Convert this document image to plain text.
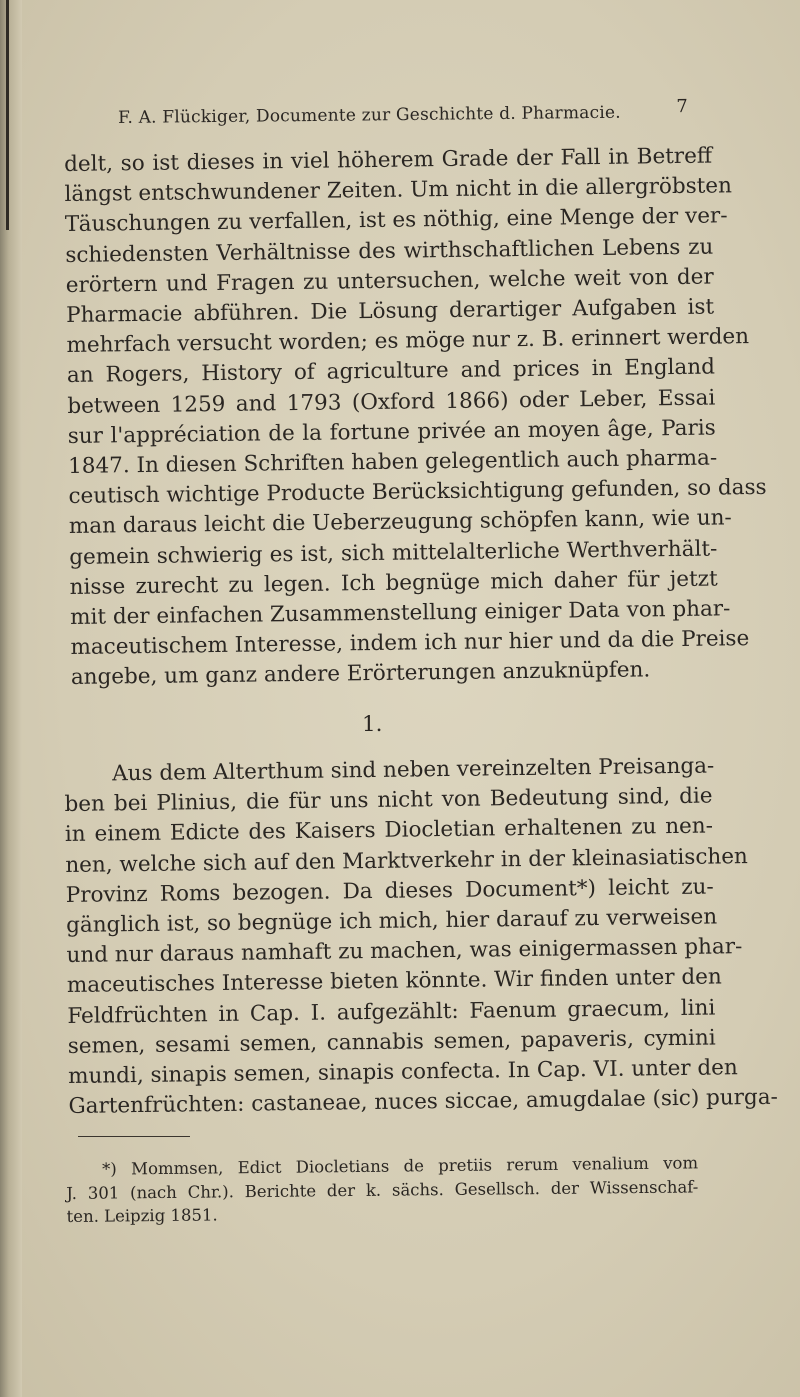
F. A. Flückiger, Documente zur Geschichte d. Pharmacie.	7
delt, so ist dieses in viel höherem Grade der Fall in Betreff
längst entschwundener Zeiten. Um nicht in die allergröbsten
Täuschungen zu verfallen, ist es nöthig, eine Menge der ver-
schiedensten Verhältnisse des wirthschaftlichen Lebens zu
erörtern und Fragen zu untersuchen, welche weit von der
Pharmacie abführen. Die Lösung derartiger Aufgaben ist
mehrfach versucht worden; es möge nur z. B. erinnert werden
an Rogers, History of agriculture and prices in England
between 1259 and 1793 (Oxford 1866) oder Leber, Essai
sur l'appréciation de la fortune privée an moyen âge, Paris
1847. In diesen Schriften haben gelegentlich auch pharma-
ceutisch wichtige Producte Berücksichtigung gefunden, so dass
man daraus leicht die Ueberzeugung schöpfen kann, wie un-
gemein schwierig es ist, sich mittelalterliche Werthverhält-
nisse zurecht zu legen. Ich begnüge mich daher für jetzt
mit der einfachen Zusammenstellung einiger Data von phar-
maceutischem Interesse, indem ich nur hier und da die Preise
angebe, um ganz andere Erörterungen anzuknüpfen.
1.
Aus dem Alterthum sind neben vereinzelten Preisanga-
ben bei Plinius, die für uns nicht von Bedeutung sind, die
in einem Edicte des Kaisers Diocletian erhaltenen zu nen-
nen, welche sich auf den Marktverkehr in der kleinasiatischen
Provinz Roms bezogen. Da dieses Document*) leicht zu-
gänglich ist, so begnüge ich mich, hier darauf zu verweisen
und nur daraus namhaft zu machen, was einigermassen phar-
maceutisches Interesse bieten könnte. Wir finden unter den
Feldfrüchten in Cap. I. aufgezählt: Faenum graecum, lini
semen, sesami semen, cannabis semen, papaveris, cymini
mundi, sinapis semen, sinapis confecta. In Cap. VI. unter den
Gartenfrüchten: castaneae, nuces siccae, amugdalae (sic) purga-
*) Mommsen, Edict Diocletians de pretiis rerum venalium vom
J. 301 (nach Chr.). Berichte der k. sächs. Gesellsch. der Wissenschaf-
ten. Leipzig 1851.
